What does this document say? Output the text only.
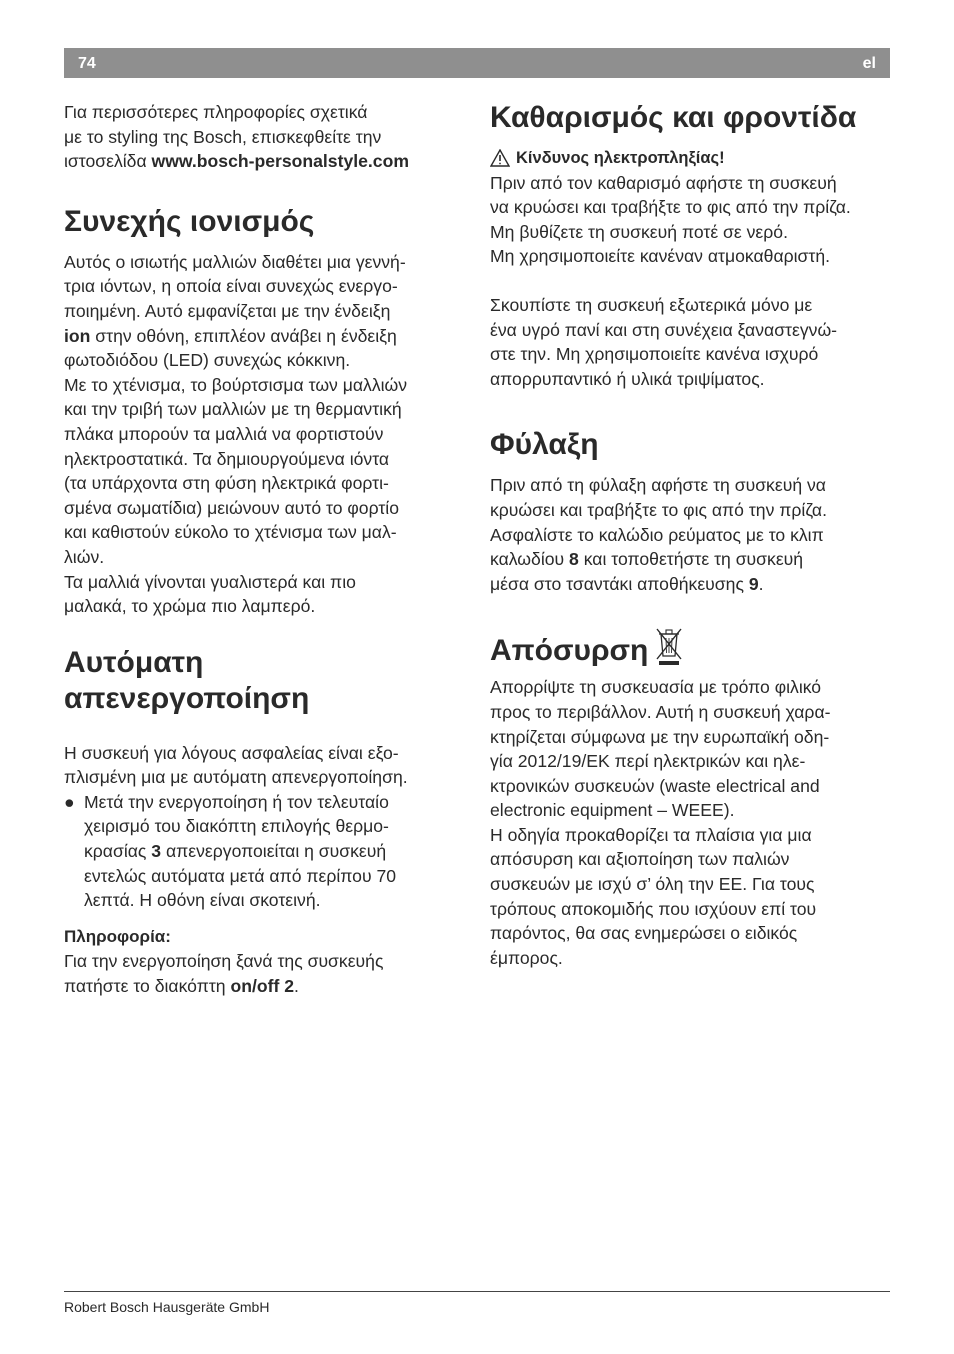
74	el

Για περισσότερες πληροφορίες σχετικά
με το styling της Bosch, επισκεφθείτε την
ιστοσελίδα www.bosch-personalstyle.com

Συνεχής ιονισμός

Αυτός ο ισιωτής μαλλιών διαθέτει μια γεννή-
τρια ιόντων, η οποία είναι συνεχώς ενεργο-
ποιημένη. Αυτό εμφανίζεται με την ένδειξη
ion στην οθόνη, επιπλέον ανάβει η ένδειξη
φωτοδιόδου (LED) συνεχώς κόκκινη.
Με το χτένισμα, το βούρτσισμα των μαλλιών
και την τριβή των μαλλιών με τη θερμαντική
πλάκα μπορούν τα μαλλιά να φορτιστούν
ηλεκτροστατικά. Τα δημιουργούμενα ιόντα
(τα υπάρχοντα στη φύση ηλεκτρικά φορτι-
σμένα σωματίδια) μειώνουν αυτό το φορτίο
και καθιστούν εύκολο το χτένισμα των μαλ-
λιών.
Τα μαλλιά γίνονται γυαλιστερά και πιο
μαλακά, το χρώμα πιο λαμπερό.

Αυτόματη
απενεργοποίηση

Η συσκευή για λόγους ασφαλείας είναι εξο-
πλισμένη μια με αυτόματη απενεργοποίηση.

● Μετά την ενεργοποίηση ή τον τελευταίο
χειρισμό του διακόπτη επιλογής θερμο-
κρασίας 3 απενεργοποιείται η συσκευή
εντελώς αυτόματα μετά από περίπου 70
λεπτά. Η οθόνη είναι σκοτεινή.

Πληροφορία:

Για την ενεργοποίηση ξανά της συσκευής
πατήστε το διακόπτη on/off 2.

Καθαρισμός και φροντίδα
Κίνδυνος ηλεκτροπληξίας!

Πριν από τον καθαρισμό αφήστε τη συσκευή
να κρυώσει και τραβήξτε το φις από την πρίζα.
Μη βυθίζετε τη συσκευή ποτέ σε νερό.
Μη χρησιμοποιείτε κανέναν ατμοκαθαριστή.

Σκουπίστε τη συσκευή εξωτερικά μόνο με
ένα υγρό πανί και στη συνέχεια ξαναστεγνώ-
στε την. Μη χρησιμοποιείτε κανένα ισχυρό
απορρυπαντικό ή υλικά τριψίματος.

Φύλαξη

Πριν από τη φύλαξη αφήστε τη συσκευή να
κρυώσει και τραβήξτε το φις από την πρίζα.
Ασφαλίστε το καλώδιο ρεύματος με το κλιπ
καλωδίου 8 και τοποθετήστε τη συσκευή
μέσα στο τσαντάκι αποθήκευσης 9.

Απόσυρση

Απορρίψτε τη συσκευασία με τρόπο φιλικό
προς το περιβάλλον. Αυτή η συσκευή χαρα-
κτηρίζεται σύμφωνα με την ευρωπαϊκή οδη-
γία 2012/19/ΕΚ περί ηλεκτρικών και ηλε-
κτρονικών συσκευών (waste electrical and
electronic equipment – WEEE).
Η οδηγία προκαθορίζει τα πλαίσια για μια
απόσυρση και αξιοποίηση των παλιών
συσκευών με ισχύ σ’ όλη την ΕΕ. Για τους
τρόπους αποκομιδής που ισχύουν επί του
παρόντος, θα σας ενημερώσει ο ειδικός
έμπορος.

Robert Bosch Hausgeräte GmbH
